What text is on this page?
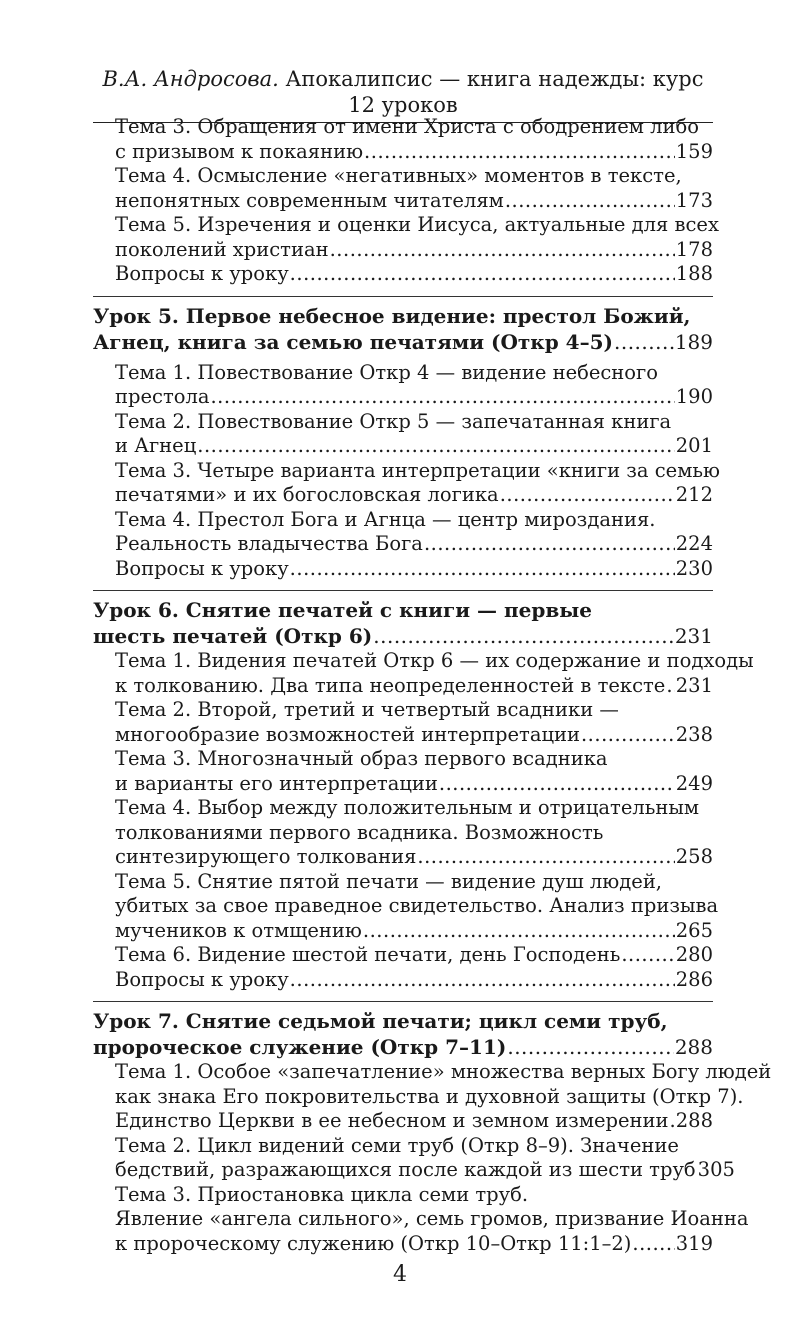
В.А. Андросова. Апокалипсис — книга надежды: курс 12 уроков
Тема 3. Обращения от имени Христа с ободрением либо
с призывом к покаянию .....	159
Тема 4. Осмысление «негативных» моментов в тексте,
непонятных современным читателям .....	173
Тема 5. Изречения и оценки Иисуса, актуальные для всех
поколений христиан .....	178
Вопросы к уроку .....	188
Урок 5. Первое небесное видение: престол Божий,
Агнец, книга за семью печатями (Откр 4–5) .....	189
Тема 1. Повествование Откр 4 — видение небесного
престола .....	190
Тема 2. Повествование Откр 5 — запечатанная книга
и Агнец .....	201
Тема 3. Четыре варианта интерпретации «книги за семью
печатями» и их богословская логика .....	212
Тема 4. Престол Бога и Агнца — центр мироздания.
Реальность владычества Бога .....	224
Вопросы к уроку .....	230
Урок 6. Снятие печатей с книги — первые
шесть печатей (Откр 6) .....	231
Тема 1. Видения печатей Откр 6 — их содержание и подходы
к толкованию. Два типа неопределенностей в тексте ..... 231
Тема 2. Второй, третий и четвертый всадники —
многообразие возможностей интерпретации .....	238
Тема 3. Многозначный образ первого всадника
и варианты его интерпретации .....	249
Тема 4. Выбор между положительным и отрицательным
толкованиями первого всадника. Возможность
синтезирующего толкования .....	258
Тема 5. Снятие пятой печати — видение душ людей,
убитых за свое праведное свидетельство. Анализ призыва
мучеников к отмщению .....	265
Тема 6. Видение шестой печати, день Господень .....	280
Вопросы к уроку .....	286
Урок 7. Снятие седьмой печати; цикл семи труб,
пророческое служение (Откр 7–11) .....	288
Тема 1. Особое «запечатление» множества верных Богу людей
как знака Его покровительства и духовной защиты (Откр 7).
Единство Церкви в ее небесном и земном измерении ..... 288
Тема 2. Цикл видений семи труб (Откр 8–9). Значение
бедствий, разражающихся после каждой из шести труб 305
Тема 3. Приостановка цикла семи труб.
Явление «ангела сильного», семь громов, призвание Иоанна
к пророческому служению (Откр 10–Откр 11:1–2) ..... 319
4
